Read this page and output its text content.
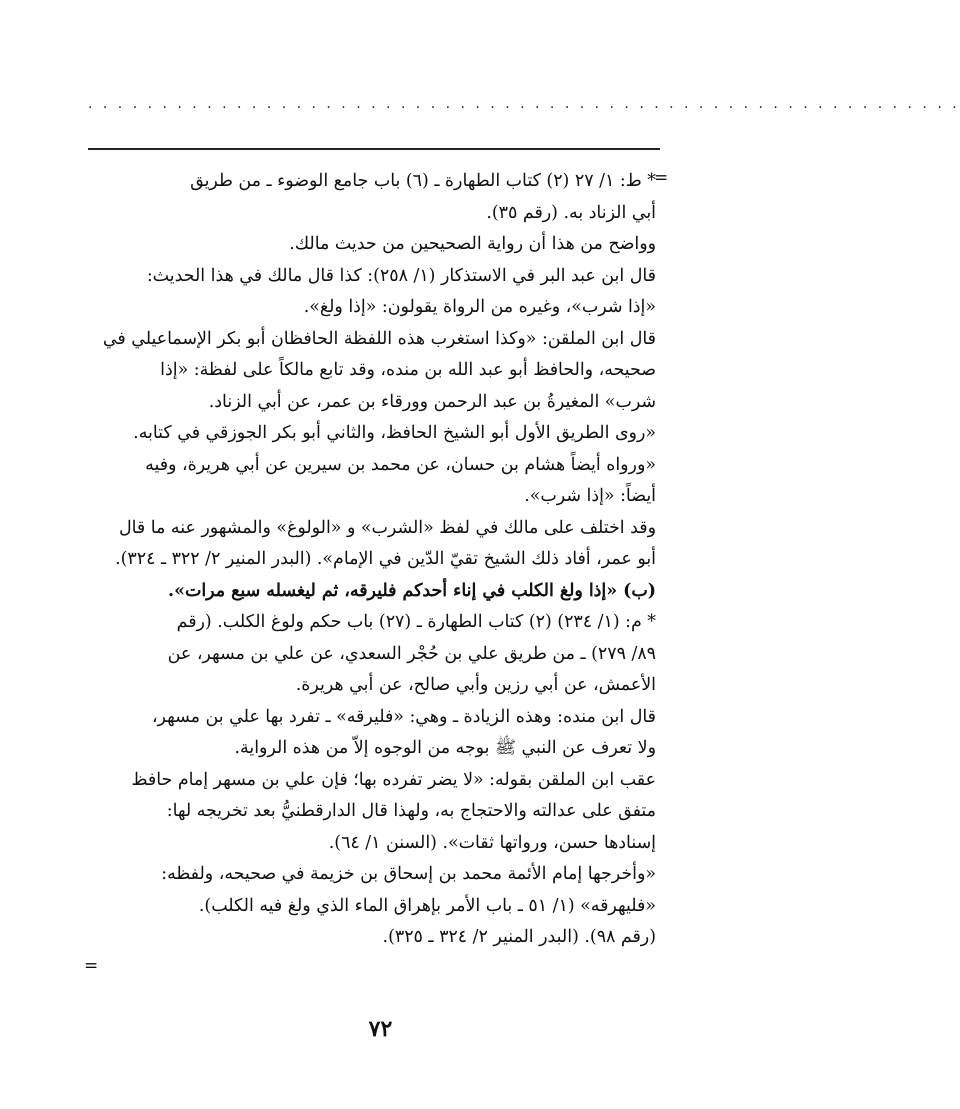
. . . . . . . . . . . . . . . . . . . . . . . . . . . . . . . . . . . . . . . . . . . . . . . . . . . . . . . . . . .
=
=

* ط: ١/ ٢٧ (٢) كتاب الطهارة ـ (٦) باب جامع الوضوء ـ من طريق

أبي الزناد به. (رقم ٣٥).

وواضح من هذا أن رواية الصحيحين من حديث مالك.

قال ابن عبد البر في الاستذكار (١/ ٢٥٨): كذا قال مالك في هذا الحديث:

«إذا شرب»، وغيره من الرواة يقولون: «إذا ولغ».

قال ابن الملقن: «وكذا استغرب هذه اللفظة الحافظان أبو بكر الإسماعيلي في

صحيحه، والحافظ أبو عبد الله بن منده، وقد تابع مالكاً على لفظة: «إذا

شرب» المغيرةُ بن عبد الرحمن وورقاء بن عمر، عن أبي الزناد.

«روى الطريق الأول أبو الشيخ الحافظ، والثاني أبو بكر الجوزقي في كتابه.

«ورواه أيضاً هشام بن حسان، عن محمد بن سيرين عن أبي هريرة، وفيه

أيضاً: «إذا شرب».

وقد اختلف على مالك في لفظ «الشرب» و «الولوغ» والمشهور عنه ما قال

أبو عمر، أفاد ذلك الشيخ تقيّ الدّين في الإمام». (البدر المنير ٢/ ٣٢٢ ـ ٣٢٤).

(ب) «إذا ولغ الكلب في إناء أحدكم فليرقه، ثم ليغسله سبع مرات».

* م: (١/ ٢٣٤) (٢) كتاب الطهارة ـ (٢٧) باب حكم ولوغ الكلب. (رقم

٨٩/ ٢٧٩) ـ من طريق علي بن حُجْر السعدي، عن علي بن مسهر، عن

الأعمش، عن أبي رزين وأبي صالح، عن أبي هريرة.

قال ابن منده: وهذه الزيادة ـ وهي: «فليرقه» ـ تفرد بها علي بن مسهر،

ولا تعرف عن النبي ﷺ بوجه من الوجوه إلاّ من هذه الرواية.

عقب ابن الملقن بقوله: «لا يضر تفرده بها؛ فإن علي بن مسهر إمام حافظ

متفق على عدالته والاحتجاج به، ولهذا قال الدارقطنيُّ بعد تخريجه لها:

إسنادها حسن، ورواتها ثقات». (السنن ١/ ٦٤).

«وأخرجها إمام الأئمة محمد بن إسحاق بن خزيمة في صحيحه، ولفظه:

«فليهرقه» (١/ ٥١ ـ باب الأمر بإهراق الماء الذي ولغ فيه الكلب).

(رقم ٩٨). (البدر المنير ٢/ ٣٢٤ ـ ٣٢٥).

٧٢
